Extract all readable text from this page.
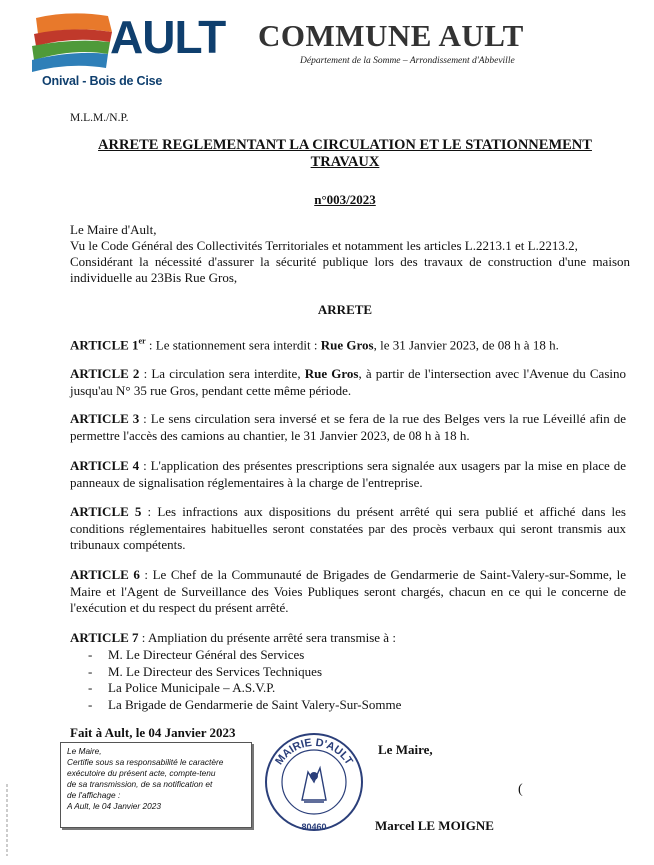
AULT
Onival - Bois de Cise
COMMUNE AULT
Département de la Somme – Arrondissement d'Abbeville
M.L.M./N.P.
ARRETE REGLEMENTANT LA CIRCULATION ET LE STATIONNEMENT
TRAVAUX
n°003/2023
Le Maire d'Ault,
Vu le Code Général des Collectivités Territoriales et notamment les articles L.2213.1 et L.2213.2,
Considérant la nécessité d'assurer la sécurité publique lors des travaux de construction d'une maison individuelle au 23Bis Rue Gros,
ARRETE
ARTICLE 1er : Le stationnement sera interdit : Rue Gros, le 31 Janvier 2023, de 08 h à 18 h.
ARTICLE 2 : La circulation sera interdite, Rue Gros, à partir de l'intersection avec l'Avenue du Casino jusqu'au N° 35 rue Gros, pendant cette même période.
ARTICLE 3 : Le sens circulation sera inversé et se fera de la rue des Belges vers la rue Léveillé afin de permettre l'accès des camions au chantier, le 31 Janvier 2023, de 08 h à 18 h.
ARTICLE 4 : L'application des présentes prescriptions sera signalée aux usagers par la mise en place de panneaux de signalisation réglementaires à la charge de l'entreprise.
ARTICLE 5 : Les infractions aux dispositions du présent arrêté qui sera publié et affiché dans les conditions réglementaires habituelles seront constatées par des procès verbaux qui seront transmis aux tribunaux compétents.
ARTICLE 6 : Le Chef de la Communauté de Brigades de Gendarmerie de Saint-Valery-sur-Somme, le Maire et l'Agent de Surveillance des Voies Publiques seront chargés, chacun en ce qui le concerne de l'exécution et du respect du présent arrêté.
ARTICLE 7 : Ampliation du présente arrêté sera transmise à :
- M. Le Directeur Général des Services
- M. Le Directeur des Services Techniques
- La Police Municipale – A.S.V.P.
- La Brigade de Gendarmerie de Saint Valery-Sur-Somme
Fait à Ault, le 04 Janvier 2023
Le Maire,
Certifie sous sa responsabilité le caractère
exécutoire du présent acte, compte-tenu
de sa transmission, de sa notification et
de l'affichage :
A Ault, le 04 Janvier 2023
MAIRIE D'AULT
80460
Le Maire,
(
Marcel LE MOIGNE
